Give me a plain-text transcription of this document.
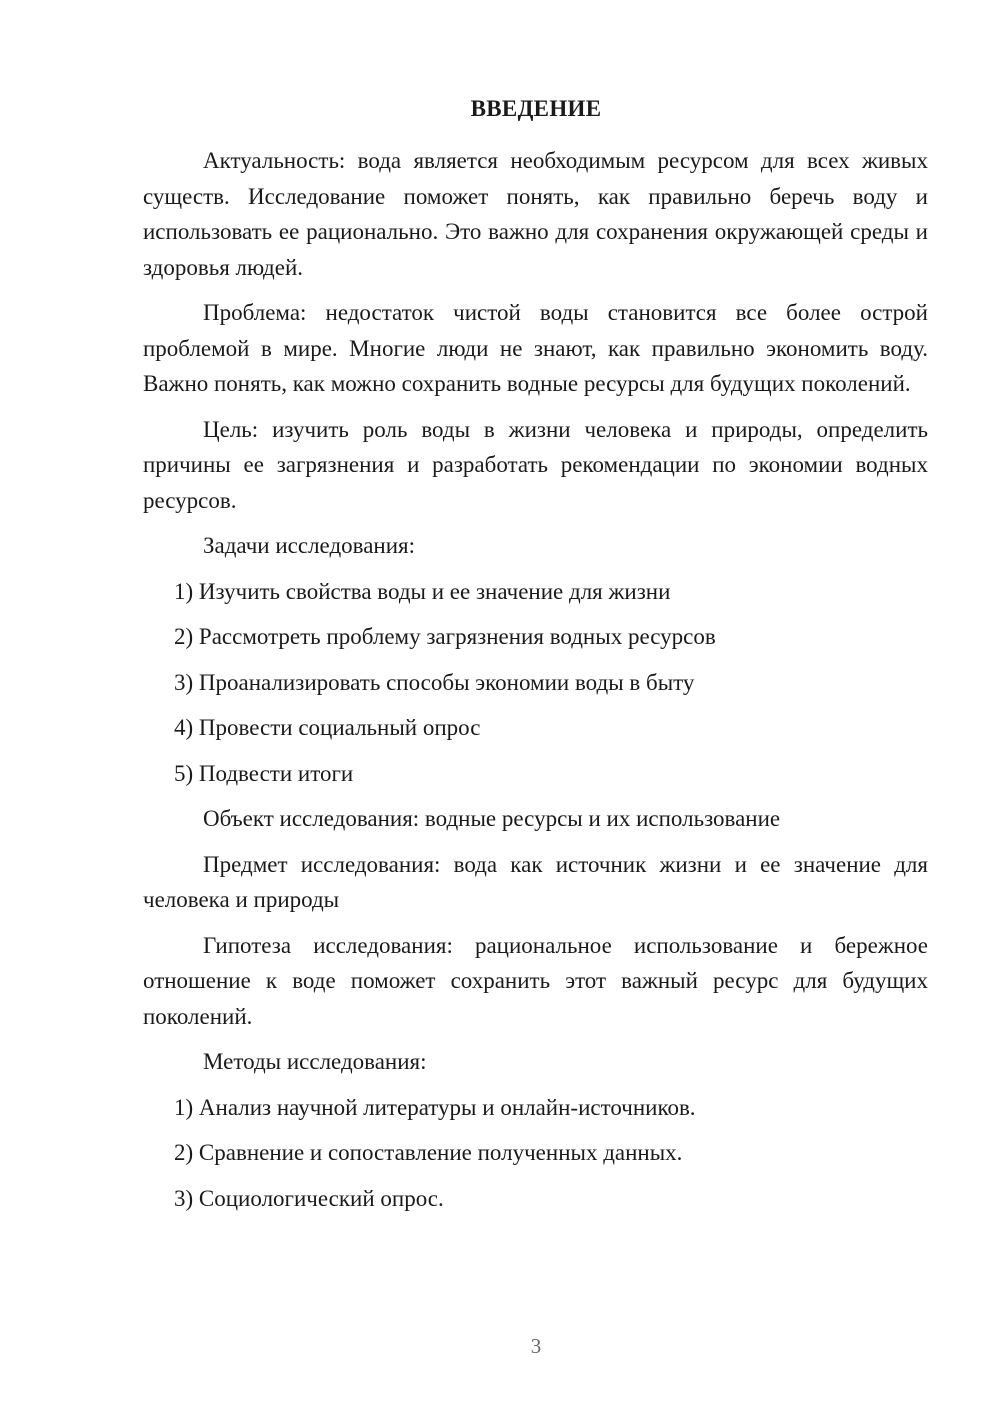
ВВЕДЕНИЕ

Актуальность: вода является необходимым ресурсом для всех живых существ. Исследование поможет понять, как правильно беречь воду и использовать ее рационально. Это важно для сохранения окружающей среды и здоровья людей.

Проблема: недостаток чистой воды становится все более острой проблемой в мире. Многие люди не знают, как правильно экономить воду. Важно понять, как можно сохранить водные ресурсы для будущих поколений.

Цель: изучить роль воды в жизни человека и природы, определить причины ее загрязнения и разработать рекомендации по экономии водных ресурсов.

Задачи исследования:

1) Изучить свойства воды и ее значение для жизни
2) Рассмотреть проблему загрязнения водных ресурсов
3) Проанализировать способы экономии воды в быту
4) Провести социальный опрос
5) Подвести итоги

Объект исследования: водные ресурсы и их использование

Предмет исследования: вода как источник жизни и ее значение для человека и природы

Гипотеза исследования: рациональное использование и бережное отношение к воде поможет сохранить этот важный ресурс для будущих поколений.

Методы исследования:

1) Анализ научной литературы и онлайн-источников.
2) Сравнение и сопоставление полученных данных.
3) Социологический опрос.
3
